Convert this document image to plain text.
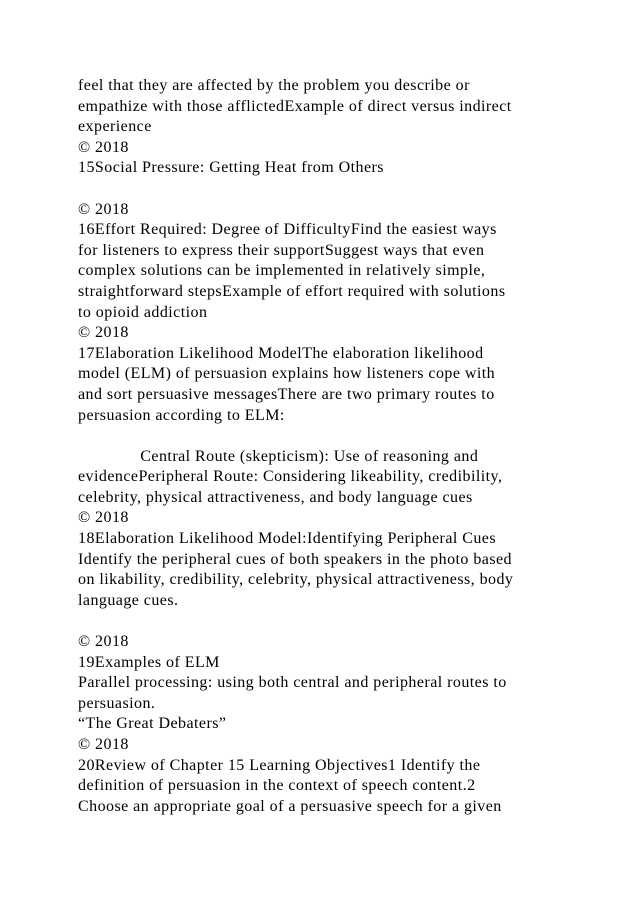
feel that they are affected by the problem you describe or
empathize with those afflictedExample of direct versus indirect
experience
© 2018
15Social Pressure: Getting Heat from Others
© 2018
16Effort Required: Degree of DifficultyFind the easiest ways
for listeners to express their supportSuggest ways that even
complex solutions can be implemented in relatively simple,
straightforward stepsExample of effort required with solutions
to opioid addiction
© 2018
17Elaboration Likelihood ModelThe elaboration likelihood
model (ELM) of persuasion explains how listeners cope with
and sort persuasive messagesThere are two primary routes to
persuasion according to ELM:
Central Route (skepticism): Use of reasoning and
evidencePeripheral Route: Considering likeability, credibility,
celebrity, physical attractiveness, and body language cues
© 2018
18Elaboration Likelihood Model:Identifying Peripheral Cues
Identify the peripheral cues of both speakers in the photo based
on likability, credibility, celebrity, physical attractiveness, body
language cues.
© 2018
19Examples of ELM
Parallel processing: using both central and peripheral routes to
persuasion.
“The Great Debaters”
© 2018
20Review of Chapter 15 Learning Objectives1 Identify the
definition of persuasion in the context of speech content.2
Choose an appropriate goal of a persuasive speech for a given
